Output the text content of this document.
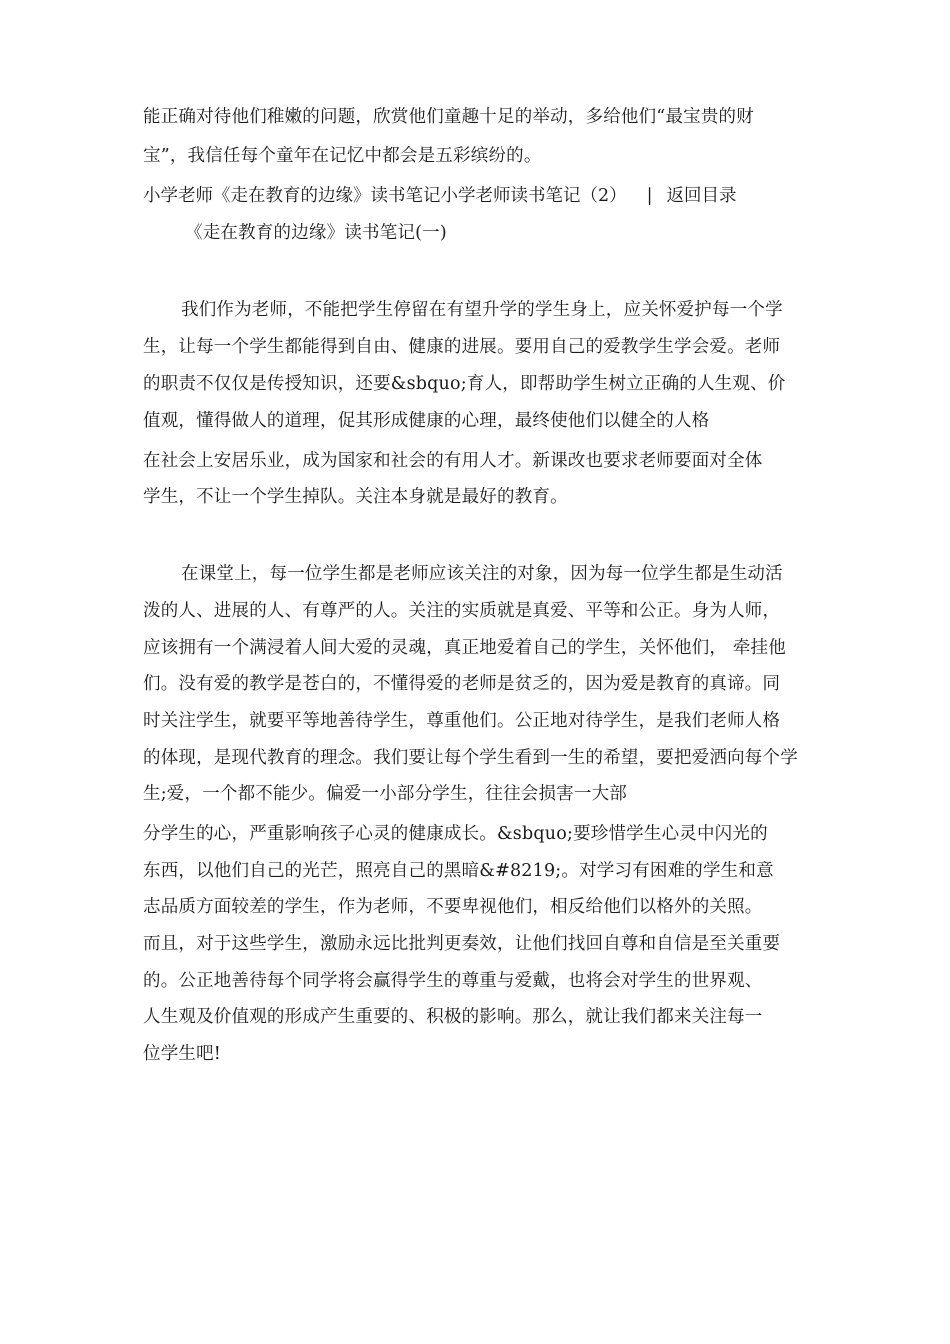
能正确对待他们稚嫩的问题，欣赏他们童趣十足的举动，多给他们“最宝贵的财
宝”，我信任每个童年在记忆中都会是五彩缤纷的。
小学老师《走在教育的边缘》读书笔记小学老师读书笔记（2） | 返回目录
《走在教育的边缘》读书笔记(一)
我们作为老师，不能把学生停留在有望升学的学生身上，应关怀爱护每一个学
生，让每一个学生都能得到自由、健康的进展。要用自己的爱教学生学会爱。老师
的职责不仅仅是传授知识，还要&sbquo;育人，即帮助学生树立正确的人生观、价
值观，懂得做人的道理，促其形成健康的心理，最终使他们以健全的人格
在社会上安居乐业，成为国家和社会的有用人才。新课改也要求老师要面对全体
学生，不让一个学生掉队。关注本身就是最好的教育。
在课堂上，每一位学生都是老师应该关注的对象，因为每一位学生都是生动活
泼的人、进展的人、有尊严的人。关注的实质就是真爱、平等和公正。身为人师，
应该拥有一个满浸着人间大爱的灵魂，真正地爱着自己的学生，关怀他们， 牵挂他
们。没有爱的教学是苍白的，不懂得爱的老师是贫乏的，因为爱是教育的真谛。同
时关注学生，就要平等地善待学生，尊重他们。公正地对待学生，是我们老师人格
的体现，是现代教育的理念。我们要让每个学生看到一生的希望，要把爱洒向每个学
生;爱，一个都不能少。偏爱一小部分学生，往往会损害一大部
分学生的心，严重影响孩子心灵的健康成长。&sbquo;要珍惜学生心灵中闪光的
东西，以他们自己的光芒，照亮自己的黑暗&#8219;。对学习有困难的学生和意
志品质方面较差的学生，作为老师，不要卑视他们，相反给他们以格外的关照。
而且，对于这些学生，激励永远比批判更奏效，让他们找回自尊和自信是至关重要
的。公正地善待每个同学将会赢得学生的尊重与爱戴，也将会对学生的世界观、
人生观及价值观的形成产生重要的、积极的影响。那么，就让我们都来关注每一
位学生吧!
